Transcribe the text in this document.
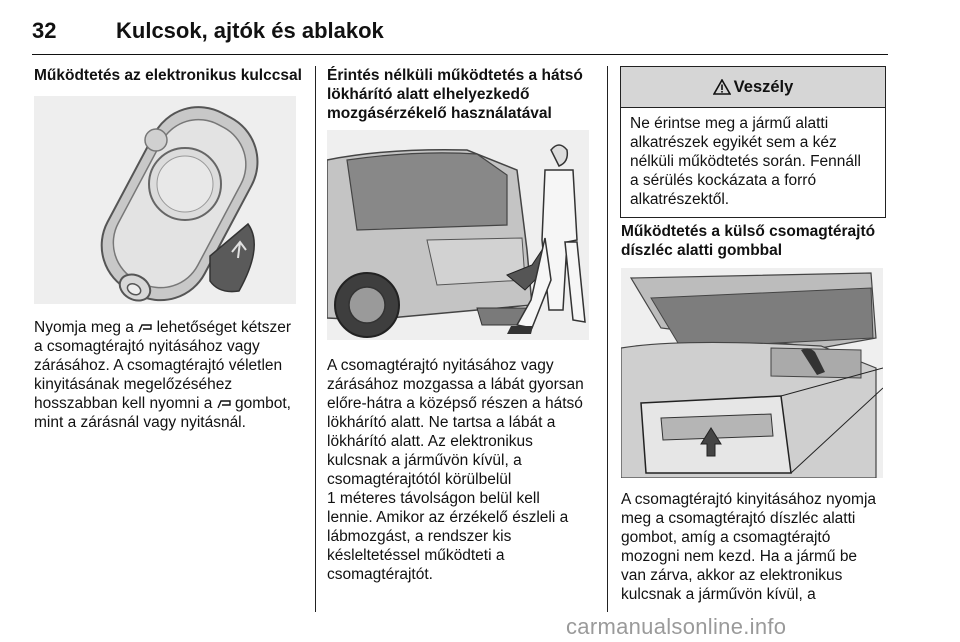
32	Kulcsok, ajtók és ablakok

Működtetés az elektronikus kulccsal

Nyomja meg a lehetőséget kétszer

a csomagtérajtó nyitásához vagy

zárásához. A csomagtérajtó véletlen

kinyitásának megelőzéséhez

hosszabban kell nyomni a gombot,

mint a zárásnál vagy nyitásnál.

Érintés nélküli működtetés a hátsó

lökhárító alatt elhelyezkedő

mozgásérzékelő használatával

A csomagtérajtó nyitásához vagy

zárásához mozgassa a lábát gyorsan

előre-hátra a középső részen a hátsó

lökhárító alatt. Ne tartsa a lábát a

lökhárító alatt. Az elektronikus

kulcsnak a járművön kívül, a

csomagtérajtótól körülbelül

1 méteres távolságon belül kell

lennie. Amikor az érzékelő észleli a

lábmozgást, a rendszer kis

késleltetéssel működteti a

csomagtérajtót.

Veszély

Ne érintse meg a jármű alatti

alkatrészek egyikét sem a kéz

nélküli működtetés során. Fennáll

a sérülés kockázata a forró

alkatrészektől.

Működtetés a külső csomagtérajtó

díszléc alatti gombbal

A csomagtérajtó kinyitásához nyomja

meg a csomagtérajtó díszléc alatti

gombot, amíg a csomagtérajtó

mozogni nem kezd. Ha a jármű be

van zárva, akkor az elektronikus

kulcsnak a járművön kívül, a

carmanualsonline.info
